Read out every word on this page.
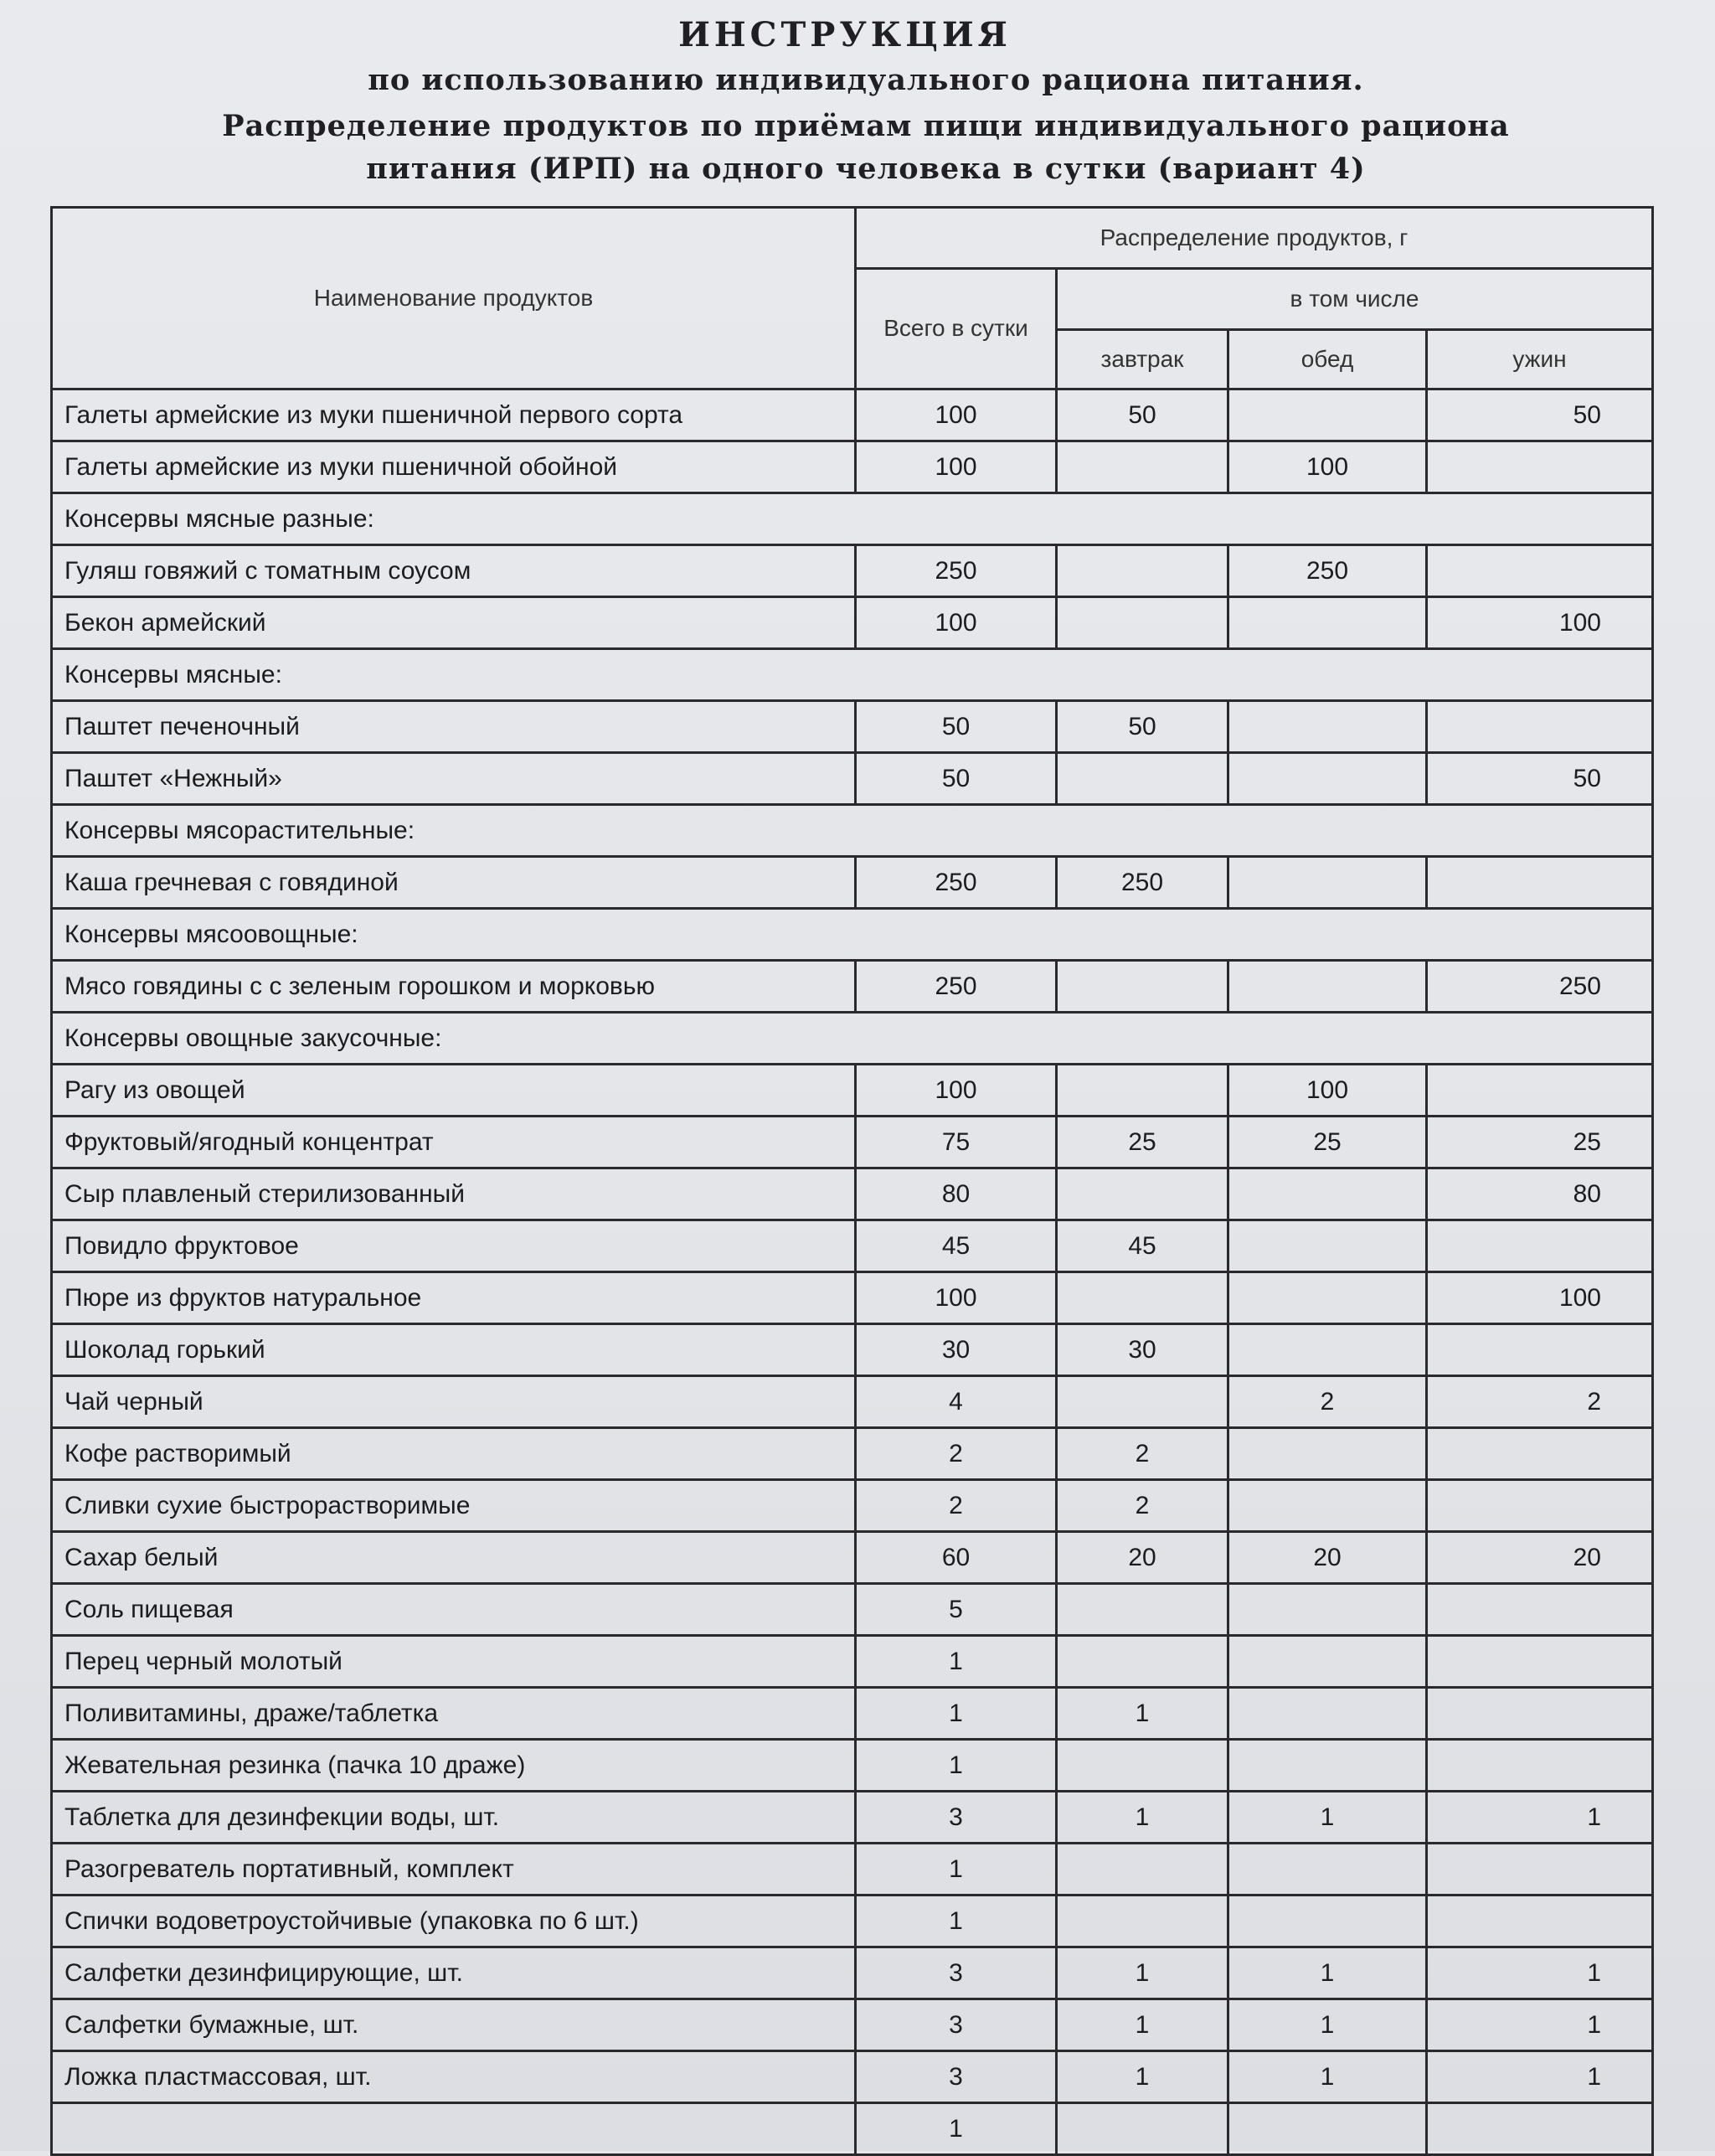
ИНСТРУКЦИЯ
по использованию индивидуального рациона питания.
Распределение продуктов по приёмам пищи индивидуального рациона
питания (ИРП) на одного человека в сутки (вариант 4)
Наименование продуктов	Распределение продуктов, г			
	Всего в сутки	в том числе		
		завтрак	обед	ужин
Галеты армейские из муки пшеничной первого сорта	100	50		50
Галеты армейские из муки пшеничной обойной	100		100	
Консервы мясные разные:				
Гуляш говяжий с томатным соусом	250		250	
Бекон армейский	100			100
Консервы мясные:				
Паштет печеночный	50	50		
Паштет «Нежный»	50			50
Консервы мясорастительные:				
Каша гречневая с говядиной	250	250		
Консервы мясоовощные:				
Мясо говядины с с зеленым горошком и морковью	250			250
Консервы овощные закусочные:				
Рагу из овощей	100		100	
Фруктовый/ягодный концентрат	75	25	25	25
Сыр плавленый стерилизованный	80			80
Повидло фруктовое	45	45		
Пюре из фруктов натуральное	100			100
Шоколад горький	30	30		
Чай черный	4		2	2
Кофе растворимый	2	2		
Сливки сухие быстрорастворимые	2	2		
Сахар белый	60	20	20	20
Соль пищевая	5			
Перец черный молотый	1			
Поливитамины, драже/таблетка	1	1		
Жевательная резинка (пачка 10 драже)	1			
Таблетка для дезинфекции воды, шт.	3	1	1	1
Разогреватель портативный, комплект	1			
Спички водоветроустойчивые (упаковка по 6 шт.)	1			
Салфетки дезинфицирующие, шт.	3	1	1	1
Салфетки бумажные, шт.	3	1	1	1
Ложка пластмассовая, шт.	3	1	1	1
	1			
